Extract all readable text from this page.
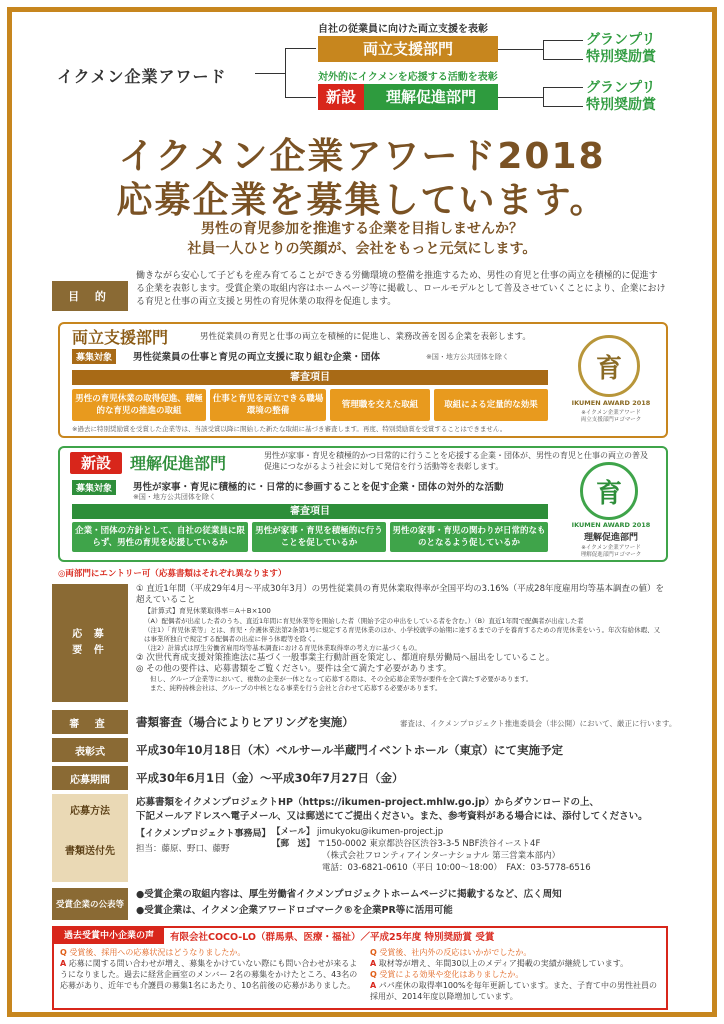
イクメン企業アワード
自社の従業員に向けた両立支援を表彰
両立支援部門
対外的にイクメンを応援する活動を表彰
新設	理解促進部門
グランプリ
特別奨励賞
グランプリ
特別奨励賞
イクメン企業アワード2018
応募企業を募集しています。
男性の育児参加を推進する企業を目指しませんか？
社員一人ひとりの笑顔が、会社をもっと元気にします。
目 的
働きながら安心して子どもを産み育てることができる労働環境の整備を推進するため、男性の育児と仕事の両立を積極的に促進する企業を表彰します。受賞企業の取組内容はホームページ等に掲載し、ロールモデルとして普及させていくことにより、企業における育児と仕事の両立支援と男性の育児休業の取得を促進します。
両立支援部門	男性従業員の育児と仕事の両立を積極的に促進し、業務改善を図る企業を表彰します。
募集対象	男性従業員の仕事と育児の両立支援に取り組む企業・団体	※国・地方公共団体を除く
審査項目
男性の育児休業の取得促進、積極的な育児の推進の取組
仕事と育児を両立できる職場環境の整備
管理職を交えた取組	取組による定量的な効果
※過去に特別奨励賞を受賞した企業等は、当該受賞以降に開始した新たな取組に基づき審査します。再度、特別奨励賞を受賞することはできません。
育
IKUMEN AWARD 2018
※イクメン企業アワード
両立支援部門ロゴマーク
新設	理解促進部門	男性が家事・育児を積極的かつ日常的に行うことを応援する企業・団体が、男性の育児と仕事の両立の普及促進につながるよう社会に対して発信を行う活動等を表彰します。
募集対象	男性が家事・育児に積極的に・日常的に参画することを促す企業・団体の対外的な活動
※国・地方公共団体を除く
審査項目
企業・団体の方針として、自社の従業員に限らず、男性の育児を応援しているか
男性が家事・育児を積極的に行うことを促しているか
男性の家事・育児の関わりが日常的なものとなるよう促しているか
育
IKUMEN AWARD 2018
理解促進部門
※イクメン企業アワード
理解促進部門ロゴマーク
◎両部門にエントリー可（応募書類はそれぞれ異なります）
応 募 要 件
① 直近1年間（平成29年4月〜平成30年3月）の男性従業員の育児休業取得率が全国平均の3.16%（平成28年度雇用均等基本調査の値）を超えていること
【計算式】育児休業取得率＝A＋B×100
（A）配偶者が出産した者のうち、直近1年間に育児休業等を開始した者（開始予定の申出をしている者を含む。）（B）直近1年間で配偶者が出産した者
（注1）「育児休業等」とは、育児・介護休業法第2条第1号に規定する育児休業のほか、小学校就学の始期に達するまでの子を養育するための育児休業をいう。年次有給休暇、又は事業所独自で規定する配偶者の出産に伴う休暇等を除く。
（注2）計算式は厚生労働省雇用均等基本調査における育児休業取得率の考え方に基づくもの。
② 次世代育成支援対策推進法に基づく一般事業主行動計画を策定し、都道府県労働局へ届出をしていること。
◎ その他の要件は、応募書類をご覧ください。要件は全て満たす必要があります。
但し、グループ企業等において、複数の企業が一体となって応募する際は、その全応募企業等が要件を全て満たす必要があります。
また、純粋持株会社は、グループの中核となる事業を行う会社と合わせて応募する必要があります。
審 査	書類審査（場合によりヒアリングを実施）	審査は、イクメンプロジェクト推進委員会（非公開）において、厳正に行います。
表彰式	平成30年10月18日（木）ベルサール半蔵門イベントホール（東京）にて実施予定
応募期間	平成30年6月1日（金）〜平成30年7月27日（金）
応募方法
書類送付先
応募書類をイクメンプロジェクトHP（https://ikumen-project.mhlw.go.jp）からダウンロードの上、
下記メールアドレスへ電子メール、又は郵送にてご提出ください。また、参考資料がある場合には、添付してください。
【イクメンプロジェクト事務局】
担当：藤原、野口、藤野
【メール】 jimukyoku@ikumen-project.jp
【郵　送】 〒150-0002 東京都渋谷区渋谷3-3-5 NBF渋谷イースト4F
（株式会社フロンティアインターナショナル 第三営業本部内）
電話：03-6821-0610（平日 10:00〜18:00）　FAX：03-5778-6516
受賞企業の公表等
●受賞企業の取組内容は、厚生労働省イクメンプロジェクトホームページに掲載するなど、広く周知
●受賞企業は、イクメン企業アワードロゴマーク®を企業PR等に活用可能
過去受賞中小企業の声	有限会社COCO-LO（群馬県、医療・福祉）／平成25年度 特別奨励賞 受賞
Q 受賞後、採用への応募状況はどうなりましたか。
A 応募に関する問い合わせが増え、募集をかけていない際にも問い合わせが来るようになりました。過去に経営企画室のメンバー 2名の募集をかけたところ、43名の応募があり、近年でも介護員の募集1名にあたり、10名前後の応募がありました。
Q 受賞後、社内外の反応はいかがでしたか。
A 取材等が増え、年間30以上のメディア掲載の実績が継続しています。
Q 受賞による効果や変化はありましたか。
A パパ産休の取得率100%を毎年更新しています。また、子育て中の男性社員の採用が、2014年度以降増加しています。
